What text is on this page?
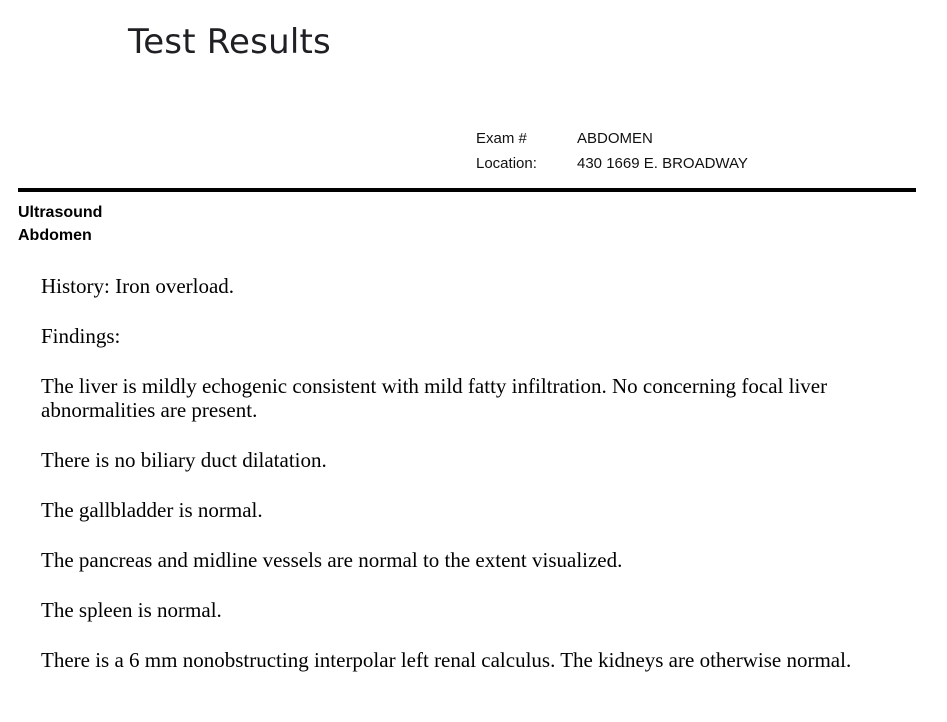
Test Results
Exam #	ABDOMEN
Location:	430 1669 E. BROADWAY
Ultrasound
Abdomen

History: Iron overload.

Findings:

The liver is mildly echogenic consistent with mild fatty infiltration. No concerning focal liver abnormalities are present.

There is no biliary duct dilatation.

The gallbladder is normal.

The pancreas and midline vessels are normal to the extent visualized.

The spleen is normal.

There is a 6 mm nonobstructing interpolar left renal calculus. The kidneys are otherwise normal.
